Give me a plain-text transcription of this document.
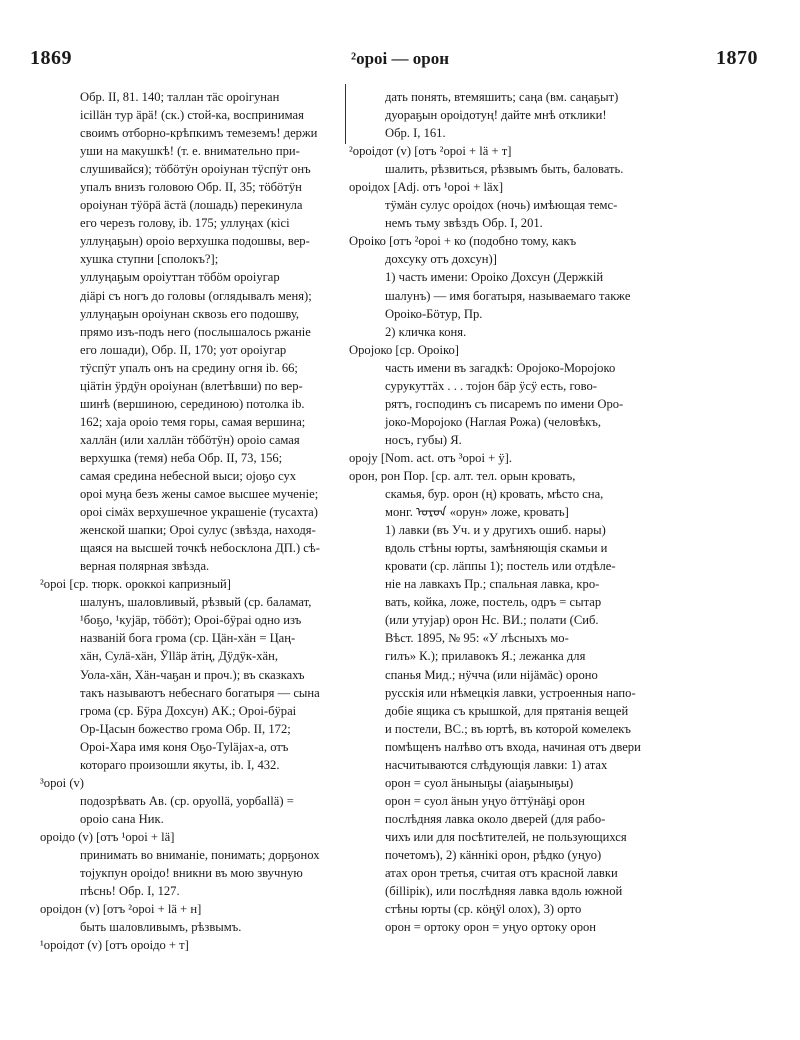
1869	²ороі — орон	1870
Обр. II, 81. 140; таллан тӓс ороігунан
ісіllӓн тур ӓрӓ! (ск.) стой-ка, воспринимая
своимъ отборно-крѣпкимъ темеземъ! держи
уши на макушкѣ! (т. е. внимательно при-
слушивайся); тӧбӧтӱн ороіунан тӱспӱт онъ
упалъ внизъ головою Обр. II, 35; тӧбӧтӱн
ороіунан тӱӧрӓ ӓстӓ (лошадь) перекинула
его черезъ голову, ib. 175; уллуңах (кісі
уллуңаҕын) ороіо верхушка подошвы, вер-
хушка ступни [сполокъ?];
уллуңаҕым ороіуттан тӧбӧм ороіугар
діӓрі съ ногъ до головы (оглядывалъ меня);
уллуңаҕын ороіунан сквозь его подошву,
прямо изъ-подъ него (послышалось ржаніе
его лошади), Обр. II, 170; уот ороіугар
тӱспӱт упалъ онъ на средину огня ib. 66;
ціӓтін ӱрдӱн ороіунан (влетѣвши) по вер-
шинѣ (вершиною, серединою) потолка ib.
162; хаја ороіо темя горы, самая вершина;
халлӓн (или халлӓн тӧбӧтӱн) ороіо самая
верхушка (темя) неба Обр. II, 73, 156;
самая средина небесной выси; ојоҕо сух
ороі муңа безъ жены самое высшее мученіе;
ороі сімӓх верхушечное украшеніе (тусахта)
женской шапки; Ороі сулус (звѣзда, находя-
щаяся на высшей точкѣ небосклона ДП.) сѣ-
верная полярная звѣзда.
²ороі [ср. тюрк. ороккоі капризный]
шалунъ, шаловливый, рѣзвый (ср. баламат,
¹боҕо, ¹кујӓр, тӧбӧт); Ороі-бӱраі одно изъ
названій бога грома (ср. Цӓн-хӓн = Цаң-
хӓн, Сулӓ-хӓн, Ӱllӓр ӓтің, Дӱдӱк-хӓн,
Уола-хӓн, Хӓн-чаҕан и проч.); въ сказкахъ
такъ называютъ небеснаго богатыря — сына
грома (ср. Бӱра Дохсун) АК.; Ороі-бӱраі
Ор-Цасын божество грома Обр. II, 172;
Ороі-Хара имя коня Оҕо-Туläјах-а, отъ
котораго произошли якуты, ib. I, 432.
³ороі (v)
подозрѣвать Ав. (ср. оруоllӓ, уорбаllӓ) =
ороіо сана Ник.
ороідо (v) [отъ ¹ороі + lӓ]
принимать во вниманіе, понимать; дорҕонох
тојукпун ороідо! вникни въ мою звучную
пѣснь! Обр. I, 127.
ороідон (v) [отъ ²ороі + lӓ + н]
быть шаловливымъ, рѣзвымъ.
¹ороідот (v) [отъ ороідо + т]
дать понять, втемяшить; саңа (вм. саңаҕыт)
дуораҕын ороідотуң! дайте мнѣ отклики!
Обр. I, 161.
²ороідот (v) [отъ ²ороі + lӓ + т]
шалить, рѣзвиться, рѣзвымъ быть, баловать.
ороідох [Adj. отъ ¹ороі + lӓх]
тӱмӓн сулус ороідох (ночь) имѣющая темс-
немъ тьму звѣздъ Обр. I, 201.
Ороіко [отъ ²ороі + ко (подобно тому, какъ
дохсуку отъ дохсун)]
1) часть имени: Ороіко Дохсун (Держкій
шалунъ) — имя богатыря, называемаго также
Ороіко-Бӧтур, Пр.
2) кличка коня.
Оројоко [ср. Ороіко]
часть имени въ загадкѣ: Оројоко-Моројоко
сурукуттӓх . . . тојон бӓр ӱсӱ есть, гово-
рятъ, господинъ съ писаремъ по имени Оро-
јоко-Моројоко (Наглая Рожа) (человѣкъ,
носъ, губы) Я.
ороју [Nom. act. отъ ³ороі + ӱ].
орон, рон Пор. [ср. алт. тел. орын кровать,
скамья, бур. орон (ң) кровать, мѣсто сна,
монг. ᠣᠷᠤᠨ «орун» ложе, кровать]
1) лавки (въ Уч. и у другихъ ошиб. нары)
вдоль стѣны юрты, замѣняющія скамьи и
кровати (ср. лӓппы 1); постель или отдѣле-
ніе на лавкахъ Пр.; спальная лавка, кро-
вать, койка, ложе, постель, одръ = сытар
(или утујар) орон Нс. ВИ.; полати (Сиб.
Вѣст. 1895, № 95: «У лѣсныхъ мо-
гилъ» К.); прилавокъ Я.; лежанка для
спанья Мид.; нӱчча (или ніјӓмӓс) ороно
русскія или нѣмецкія лавки, устроенныя напо-
добіе ящика съ крышкой, для прятанія вещей
и постели, ВС.; въ юртѣ, въ которой комелекъ
помѣщенъ налѣво отъ входа, начиная отъ двери
насчитываются слѣдующія лавки: 1) атах
орон = суол ӓныныҕы (аіаҕыныҕы)
орон = суол ӓнын уңуо ӧттӱнӓҕі орон
послѣдняя лавка около дверей (для рабо-
чихъ или для посѣтителей, не пользующихся
почетомъ), 2) кӓннікі орон, рѣдко (уңуо)
атах орон третья, считая отъ красной лавки
(біllірік), или послѣдняя лавка вдоль южной
стѣны юрты (ср. кӧңӱl олох), 3) орто
орон = ортоку орон = уңуо ортоку орон
